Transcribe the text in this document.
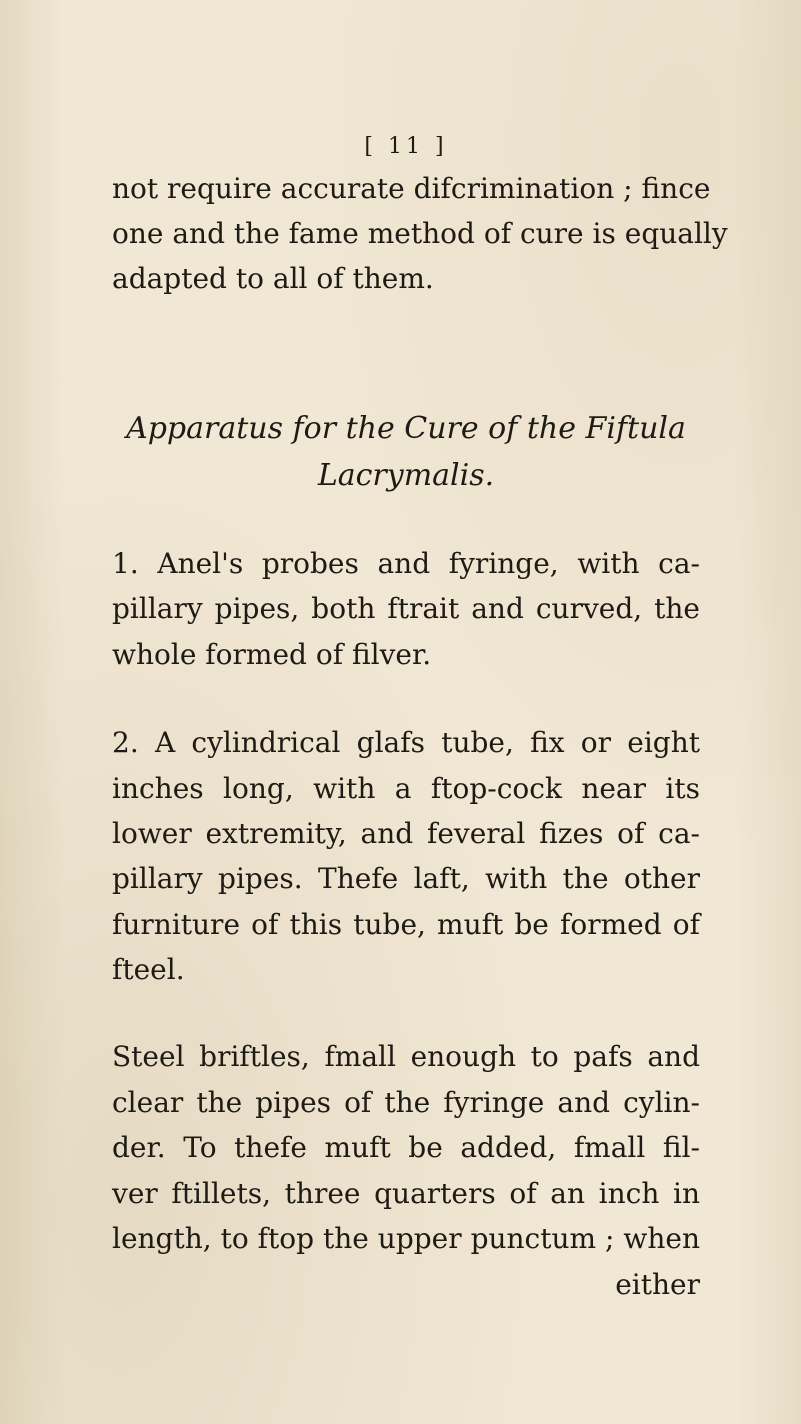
[ 11 ]

not require accurate difcrimination ; fince

one and the fame method of cure is equally

adapted to all of them.

Apparatus for the Cure of the Fiftula

Lacrymalis.

1. Anel's probes and fyringe, with ca-

pillary pipes, both ftrait and curved, the

whole formed of filver.

2. A cylindrical glafs tube, fix or eight

inches long, with a ftop-cock near its

lower extremity, and feveral fizes of ca-

pillary pipes. Thefe laft, with the other

furniture of this tube, muft be formed of

fteel.

Steel briftles, fmall enough to pafs and

clear the pipes of the fyringe and cylin-

der. To thefe muft be added, fmall fil-

ver ftillets, three quarters of an inch in

length, to ftop the upper punctum ; when

either
